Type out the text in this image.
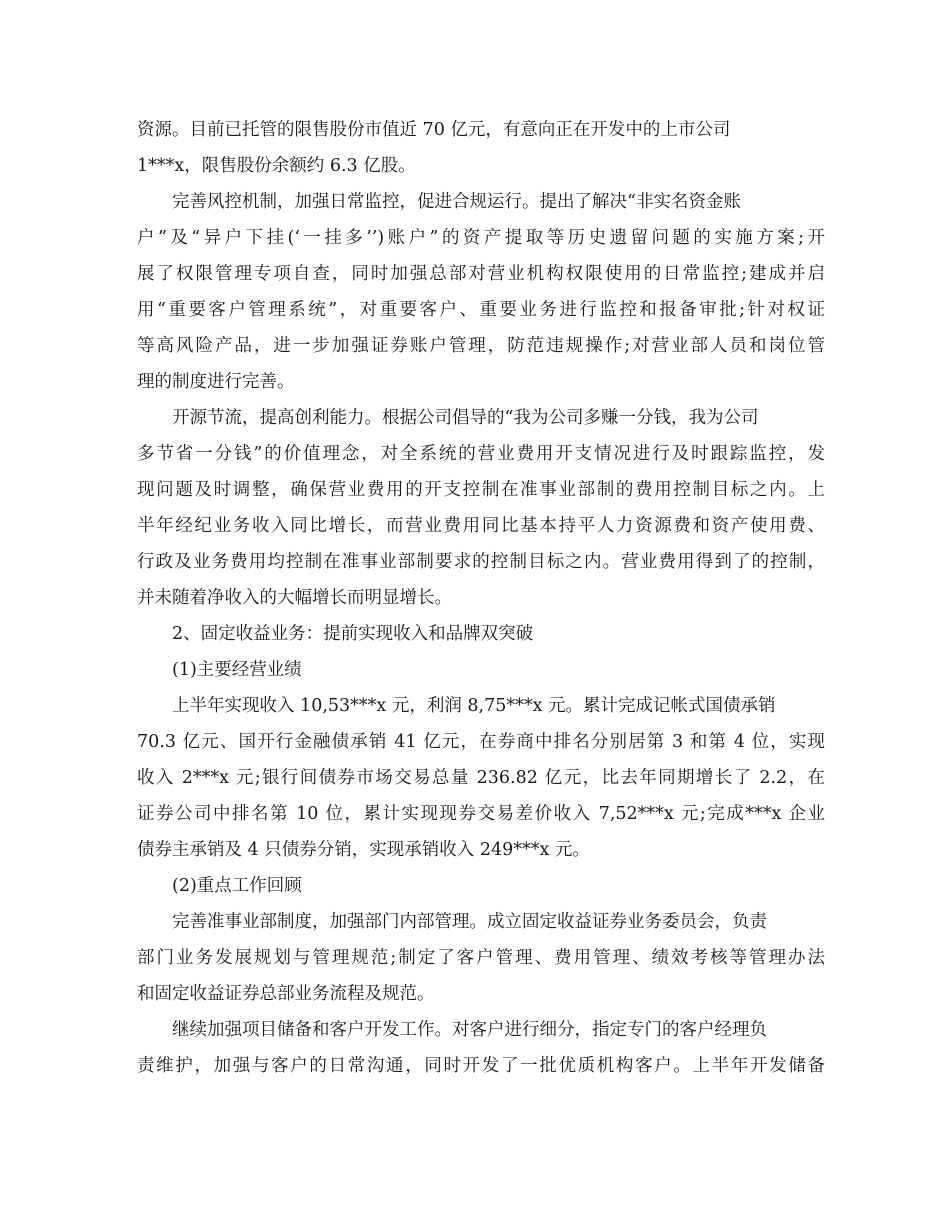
资源。目前已托管的限售股份市值近 70 亿元，有意向正在开发中的上市公司
1***x，限售股份余额约 6.3 亿股。
完善风控机制，加强日常监控，促进合规运行。提出了解决“非实名资金账
户”及“异户下挂(‘一挂多’’)账户”的资产提取等历史遗留问题的实施方案;开
展了权限管理专项自查，同时加强总部对营业机构权限使用的日常监控;建成并启
用“重要客户管理系统”，对重要客户、重要业务进行监控和报备审批;针对权证
等高风险产品，进一步加强证券账户管理，防范违规操作;对营业部人员和岗位管
理的制度进行完善。
开源节流，提高创利能力。根据公司倡导的“我为公司多赚一分钱，我为公司
多节省一分钱”的价值理念，对全系统的营业费用开支情况进行及时跟踪监控，发
现问题及时调整，确保营业费用的开支控制在准事业部制的费用控制目标之内。上
半年经纪业务收入同比增长，而营业费用同比基本持平人力资源费和资产使用费、
行政及业务费用均控制在准事业部制要求的控制目标之内。营业费用得到了的控制，
并未随着净收入的大幅增长而明显增长。
2、固定收益业务：提前实现收入和品牌双突破
(1)主要经营业绩
上半年实现收入 10,53***x 元，利润 8,75***x 元。累计完成记帐式国债承销
70.3 亿元、国开行金融债承销 41 亿元，在券商中排名分别居第 3 和第 4 位，实现
收入 2***x 元;银行间债券市场交易总量 236.82 亿元，比去年同期增长了 2.2，在
证券公司中排名第 10 位，累计实现现券交易差价收入 7,52***x 元;完成***x 企业
债券主承销及 4 只债券分销，实现承销收入 249***x 元。
(2)重点工作回顾
完善准事业部制度，加强部门内部管理。成立固定收益证券业务委员会，负责
部门业务发展规划与管理规范;制定了客户管理、费用管理、绩效考核等管理办法
和固定收益证券总部业务流程及规范。
继续加强项目储备和客户开发工作。对客户进行细分，指定专门的客户经理负
责维护，加强与客户的日常沟通，同时开发了一批优质机构客户。上半年开发储备
